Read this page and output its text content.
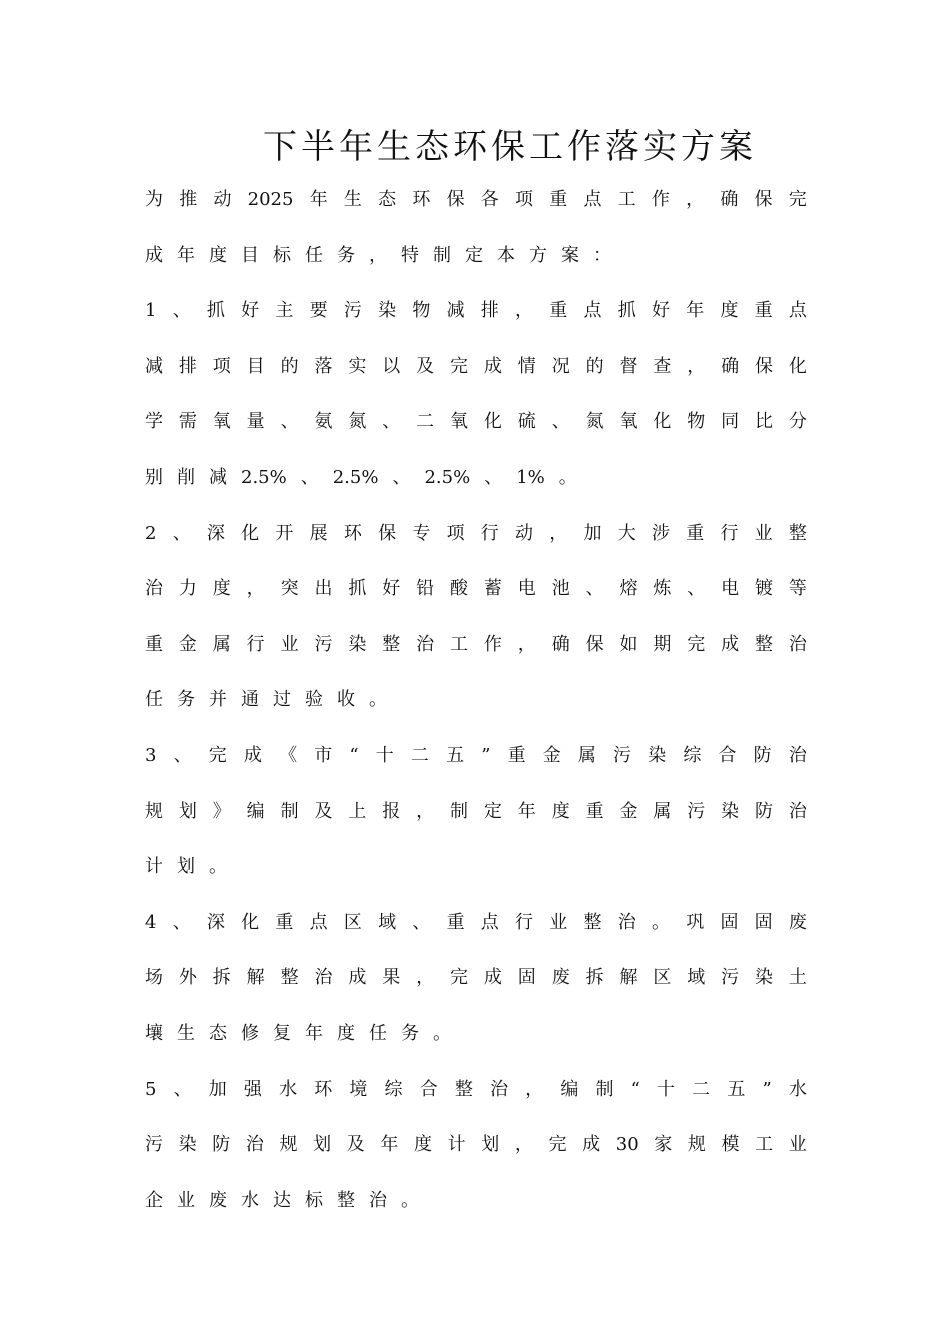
下半年生态环保工作落实方案
为 推 动 2025 年 生 态 环 保 各 项 重 点 工 作 ， 确 保 完
成 年 度 目 标 任 务 ， 特 制 定 本 方 案 ：
1 、 抓 好 主 要 污 染 物 减 排 ， 重 点 抓 好 年 度 重 点
减 排 项 目 的 落 实 以 及 完 成 情 况 的 督 查 ， 确 保 化
学 需 氧 量 、 氨 氮 、 二 氧 化 硫 、 氮 氧 化 物 同 比 分
别 削 减 2.5% 、 2.5% 、 2.5% 、 1% 。
2 、 深 化 开 展 环 保 专 项 行 动 ， 加 大 涉 重 行 业 整
治 力 度 ， 突 出 抓 好 铅 酸 蓄 电 池 、 熔 炼 、 电 镀 等
重 金 属 行 业 污 染 整 治 工 作 ， 确 保 如 期 完 成 整 治
任 务 并 通 过 验 收 。
3 、 完 成 《 市 “ 十 二 五 ” 重 金 属 污 染 综 合 防 治
规 划 》 编 制 及 上 报 ， 制 定 年 度 重 金 属 污 染 防 治
计 划 。
4 、 深 化 重 点 区 域 、 重 点 行 业 整 治 。 巩 固 固 废
场 外 拆 解 整 治 成 果 ， 完 成 固 废 拆 解 区 域 污 染 土
壤 生 态 修 复 年 度 任 务 。
5 、 加 强 水 环 境 综 合 整 治 ， 编 制 “ 十 二 五 ” 水
污 染 防 治 规 划 及 年 度 计 划 ， 完 成 30 家 规 模 工 业
企 业 废 水 达 标 整 治 。
